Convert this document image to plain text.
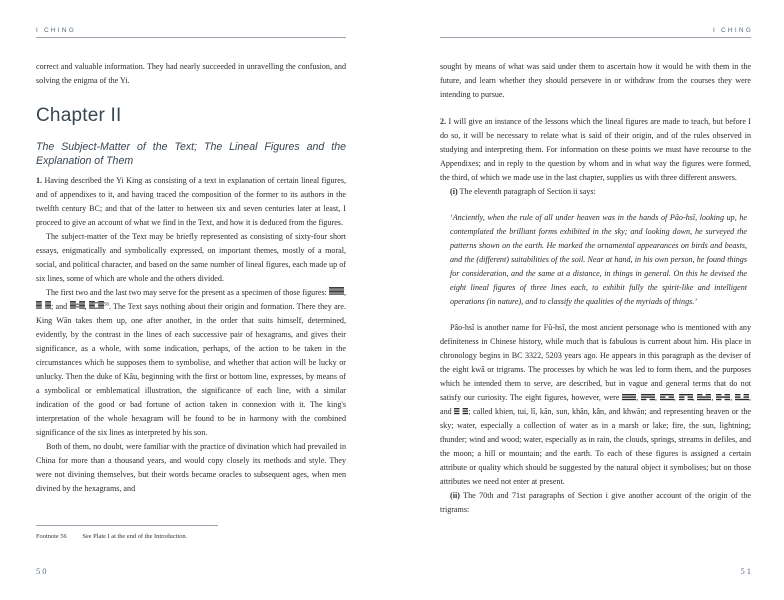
I CHING

correct and valuable information. They had nearly succeeded in unravelling the confusion, and solving the enigma of the Yi.

Chapter II
The Subject-Matter of the Text; The Lineal Figures and the Explanation of Them

1. Having described the Yi King as consisting of a text in explanation of certain lineal figures, and of appendixes to it, and having traced the composition of the former to its authors in the twelfth century BC; and that of the latter to between six and seven centuries later at least, I proceed to give an account of what we find in the Text, and how it is deduced from the figures.

The subject-matter of the Text may be briefly represented as consisting of sixty-four short essays, enigmatically and symbolically expressed, on important themes, mostly of a moral, social, and political character, and based on the same number of lineal figures, each made up of six lines, some of which are whole and the others divided.

The first two and the last two may serve for the present as a specimen of those figures: ,
; and ,	$^{56}$. The Text says nothing about their origin and formation. There they are. King Wăn takes them up, one after another, in the order that suits himself, determined, evidently, by the contrast in the lines of each successive pair of hexagrams, and gives their significance, as a whole, with some indication, perhaps, of the action to be taken in the circumstances which he supposes them to symbolise, and whether that action will be lucky or unlucky. Then the duke of Kâu, beginning with the first or bottom line, expresses, by means of a symbolical or emblematical illustration, the significance of each line, with a similar indication of the good or bad fortune of action taken in connexion with it. The king's interpretation of the whole hexagram will be found to be in harmony with the combined significance of the six lines as interpreted by his son.

Both of them, no doubt, were familiar with the practice of divination which had prevailed in China for more than a thousand years, and would copy closely its methods and style. They were not divining themselves, but their words became oracles to subsequent ages, when men divined by the hexagrams, and

Footnote 56 See Plate I at the end of the Introduction.
50
I CHING

sought by means of what was said under them to ascertain how it would be with them in the future, and learn whether they should persevere in or withdraw from the courses they were intending to pursue.

2. I will give an instance of the lessons which the lineal figures are made to teach, but before I do so, it will be necessary to relate what is said of their origin, and of the rules observed in studying and interpreting them. For information on these points we must have recourse to the Appendixes; and in reply to the question by whom and in what way the figures were formed, the third, of which we made use in the last chapter, supplies us with three different answers.

(i) The eleventh paragraph of Section ii says:

‘Anciently, when the rule of all under heaven was in the hands of Pâo-hsî, looking up, he contemplated the brilliant forms exhibited in the sky; and looking down, he surveyed the patterns shown on the earth. He marked the ornamental appearances on birds and beasts, and the (different) suitabilities of the soil. Near at hand, in his own person, he found things for consideration, and the same at a distance, in things in general. On this he devised the eight lineal figures of three lines each, to exhibit fully the spirit-like and intelligent operations (in nature), and to classify the qualities of the myriads of things.’

Pâo-hsî is another name for Fû-hsî, the most ancient personage who is mentioned with any definiteness in Chinese history, while much that is fabulous is current about him. His place in chronology begins in BC 3322, 5203 years ago. He appears in this paragraph as the deviser of the eight kwâ or trigrams. The processes by which he was led to form them, and the purposes which he intended them to serve, are described, but in vague and general terms that do not satisfy our curiosity. The eight figures, however, were , , , , , , , and ; called khien, tui, lî, kăn, sun, khân, kân, and khwăn; and representing heaven or the sky; water, especially a collection of water as in a marsh or lake; fire, the sun, lightning; thunder; wind and wood; water, especially as in rain, the clouds, springs, streams in defiles, and the moon; a hill or mountain; and the earth. To each of these figures is assigned a certain attribute or quality which should be suggested by the natural object it symbolises; but on those attributes we need not enter at present.

(ii) The 70th and 71st paragraphs of Section i give another account of the origin of the trigrams:

51
